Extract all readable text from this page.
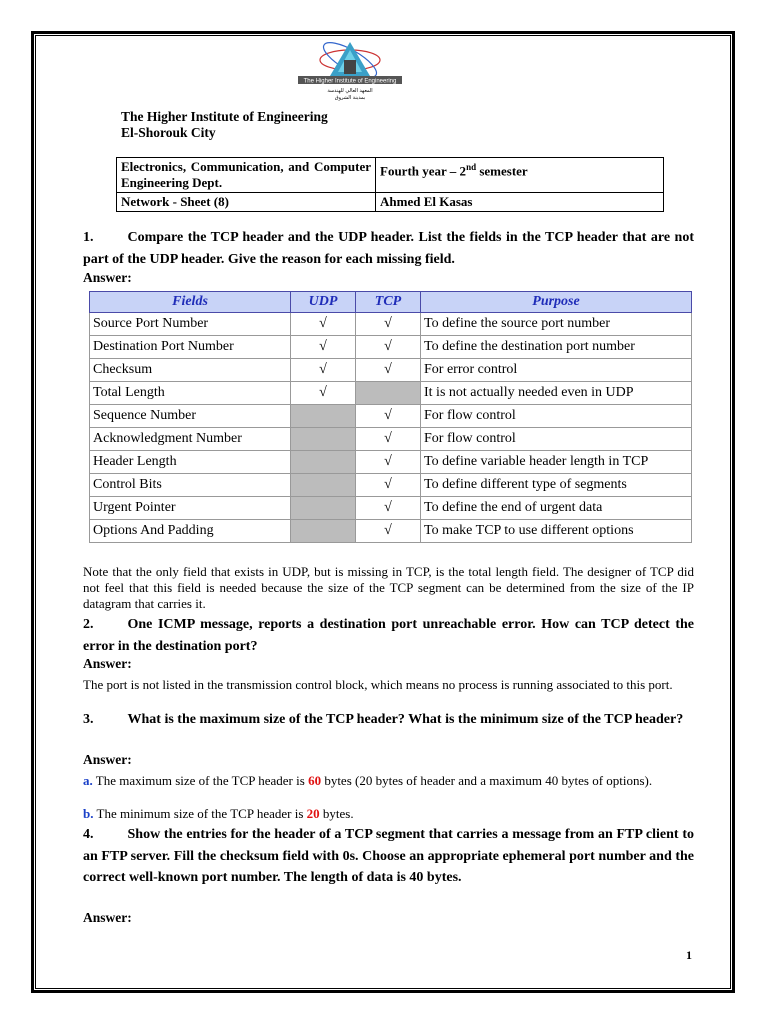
The Higher Institute of Engineering
المعهد العالي للهندسة
بمدينة الشروق
The Higher Institute of Engineering
El-Shorouk City
Electronics, Communication, and Computer Engineering Dept.	Fourth year – 2nd semester
Network - Sheet (8)	Ahmed El Kasas
1. Compare the TCP header and the UDP header. List the fields in the TCP header that are not part of the UDP header. Give the reason for each missing field.
Answer:
Fields	UDP	TCP	Purpose
Source Port Number	√	√	To define the source port number
Destination Port Number	√	√	To define the destination port number
Checksum	√	√	For error control
Total Length	√		It is not actually needed even in UDP
Sequence Number		√	For flow control
Acknowledgment Number		√	For flow control
Header Length		√	To define variable header length in TCP
Control Bits		√	To define different type of segments
Urgent Pointer		√	To define the end of urgent data
Options And Padding		√	To make TCP to use different options
Note that the only field that exists in UDP, but is missing in TCP, is the total length field. The designer of TCP did not feel that this field is needed because the size of the TCP segment can be determined from the size of the IP datagram that carries it.
2. One ICMP message, reports a destination port unreachable error. How can TCP detect the error in the destination port?
Answer:
The port is not listed in the transmission control block, which means no process is running associated to this port.
3. What is the maximum size of the TCP header? What is the minimum size of the TCP header?
Answer:
a. The maximum size of the TCP header is 60 bytes (20 bytes of header and a maximum 40 bytes of options).
b. The minimum size of the TCP header is 20 bytes.
4. Show the entries for the header of a TCP segment that carries a message from an FTP client to an FTP server. Fill the checksum field with 0s. Choose an appropriate ephemeral port number and the correct well-known port number. The length of data is 40 bytes.
Answer:
1
